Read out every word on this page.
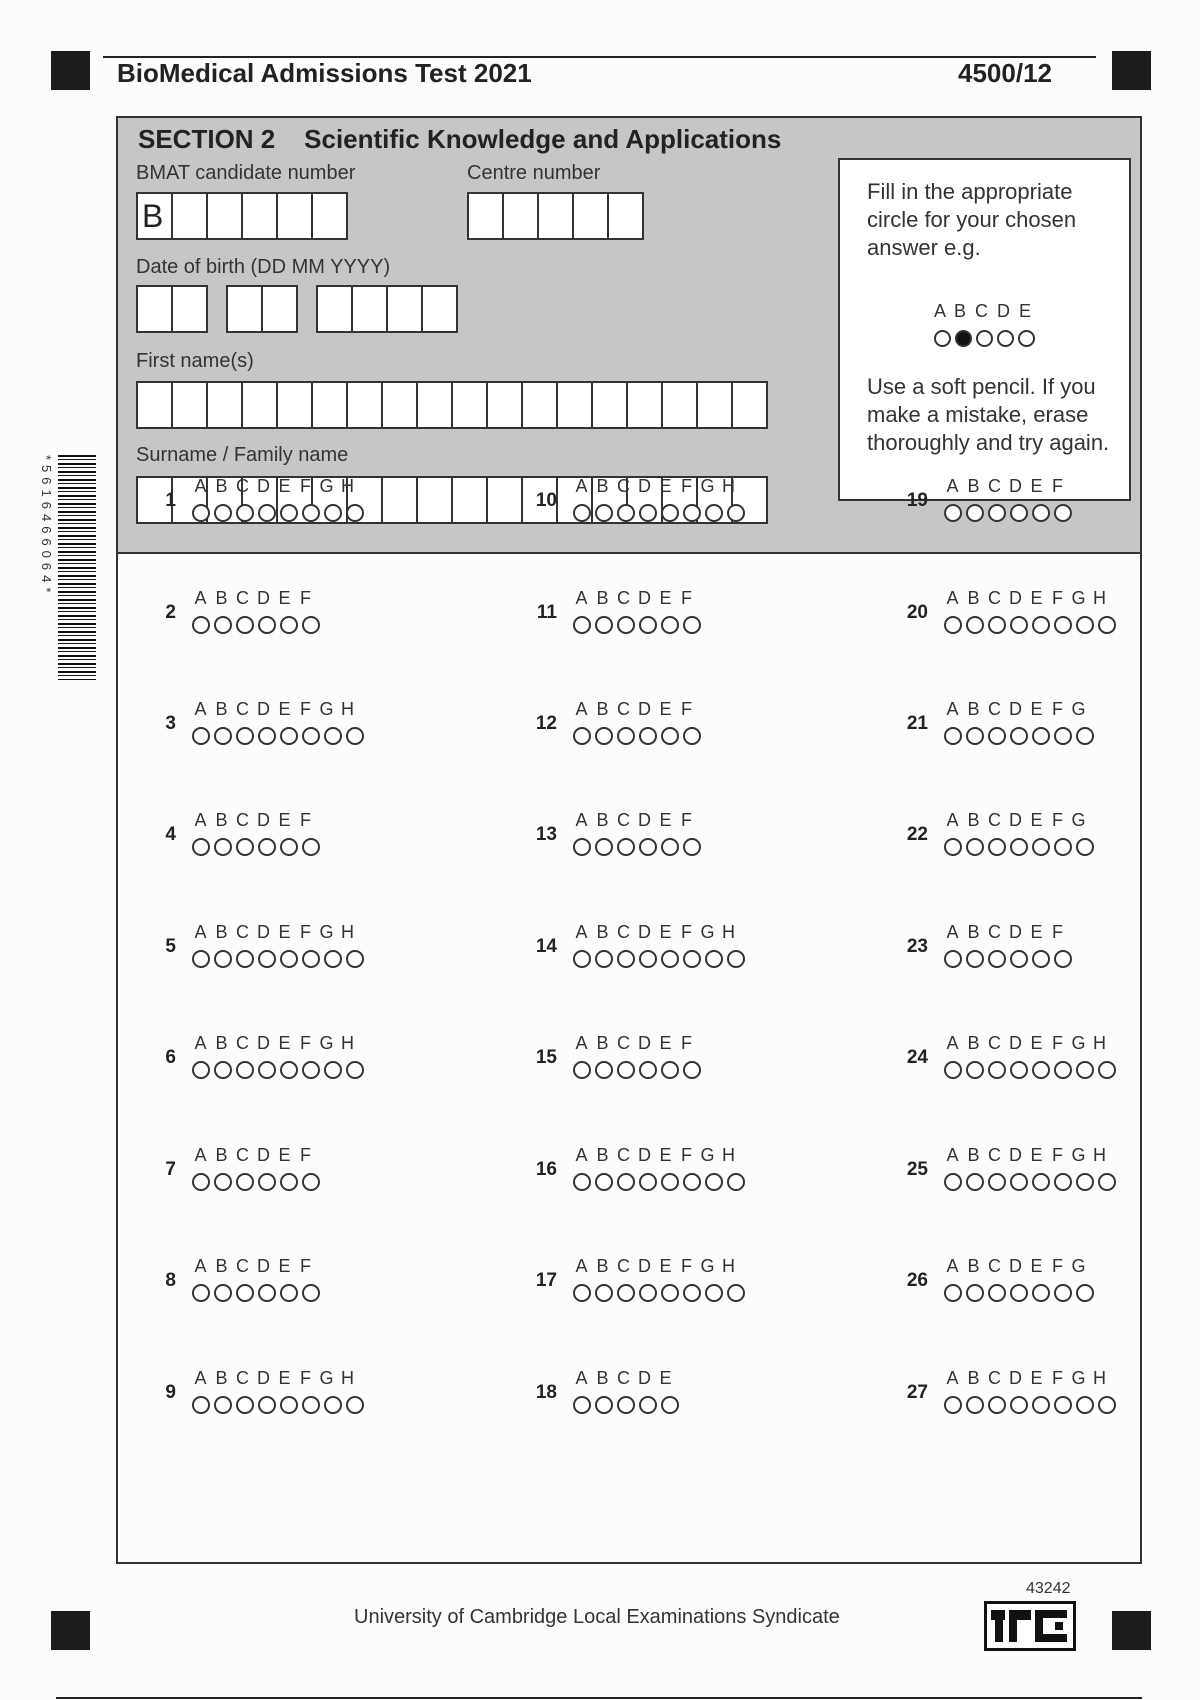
BioMedical Admissions Test 2021	4500/12
*5616466064*
SECTION 2    Scientific Knowledge and Applications
BMAT candidate number
B
Centre number
Date of birth (DD MM YYYY)
First name(s)
Surname / Family name
Fill in the appropriate circle for your chosen answer e.g.
A B C D E
Use a soft pencil. If you make a mistake, erase thoroughly and try again.
1
A B C D E F G H
2
A B C D E F
3
A B C D E F G H
4
A B C D E F
5
A B C D E F G H
6
A B C D E F G H
7
A B C D E F
8
A B C D E F
9
A B C D E F G H
10
A B C D E F G H
11
A B C D E F
12
A B C D E F
13
A B C D E F
14
A B C D E F G H
15
A B C D E F
16
A B C D E F G H
17
A B C D E F G H
18
A B C D E
19
A B C D E F
20
A B C D E F G H
21
A B C D E F G
22
A B C D E F G
23
A B C D E F
24
A B C D E F G H
25
A B C D E F G H
26
A B C D E F G
27
A B C D E F G H
University of Cambridge Local Examinations Syndicate
43242
